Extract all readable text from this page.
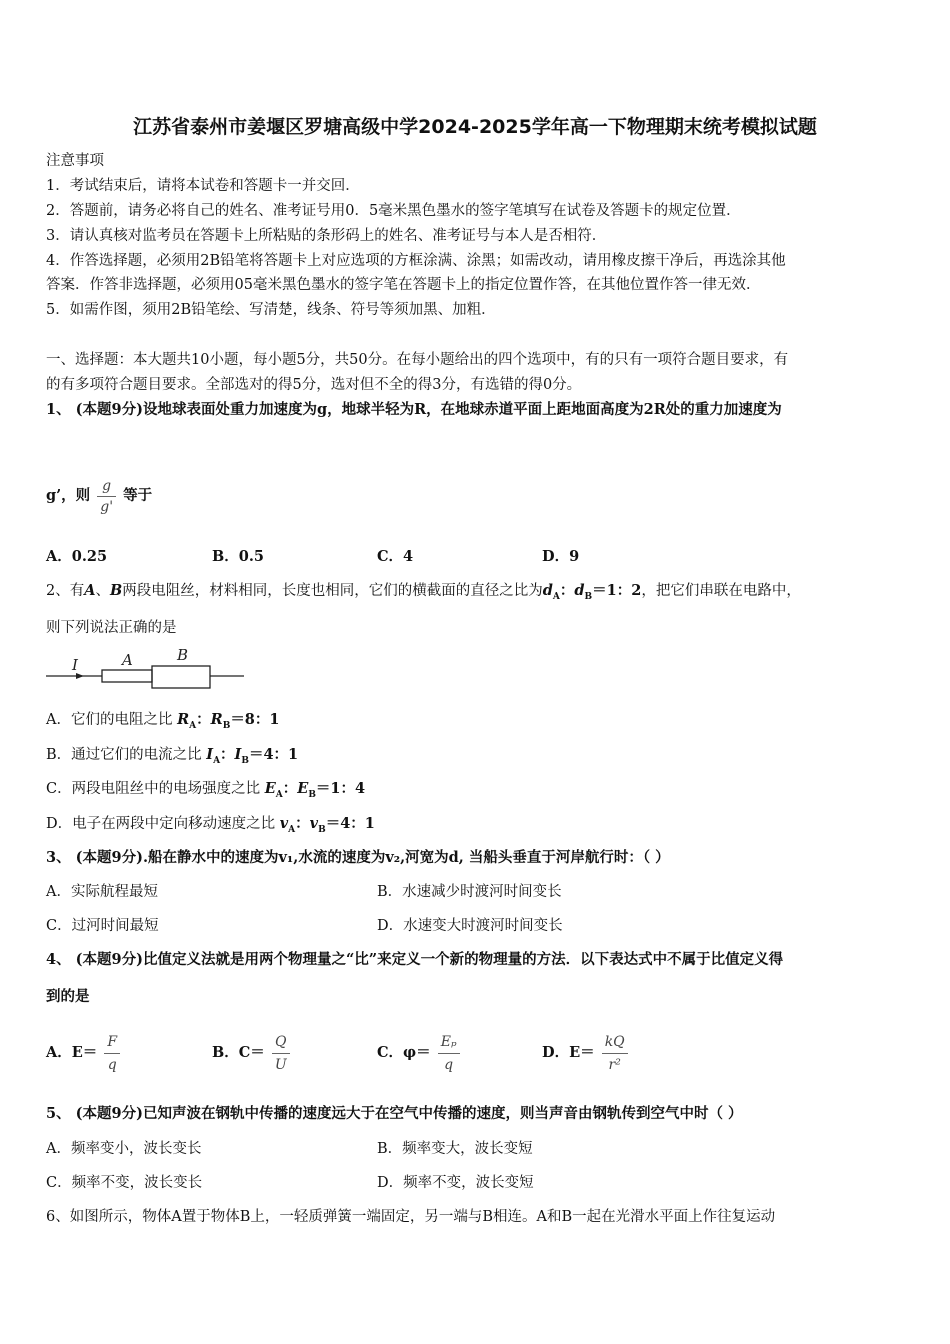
江苏省泰州市姜堰区罗塘高级中学2024-2025学年高一下物理期末统考模拟试题
注意事项
1．考试结束后，请将本试卷和答题卡一并交回．
2．答题前，请务必将自己的姓名、准考证号用0．5毫米黑色墨水的签字笔填写在试卷及答题卡的规定位置．
3．请认真核对监考员在答题卡上所粘贴的条形码上的姓名、准考证号与本人是否相符．
4．作答选择题，必须用2B铅笔将答题卡上对应选项的方框涂满、涂黑；如需改动，请用橡皮擦干净后，再选涂其他
答案．作答非选择题，必须用05毫米黑色墨水的签字笔在答题卡上的指定位置作答，在其他位置作答一律无效．
5．如需作图，须用2B铅笔绘、写清楚，线条、符号等须加黑、加粗．
一、选择题：本大题共10小题，每小题5分，共50分。在每小题给出的四个选项中，有的只有一项符合题目要求，有
的有多项符合题目要求。全部选对的得5分，选对但不全的得3分，有选错的得0分。
1、 (本题9分)设地球表面处重力加速度为g，地球半轻为R，在地球赤道平面上距地面高度为2R处的重力加速度为
g’，则 $\frac{g}{g'}$ 等于
A．0.25	B．0.5	C．4	D．9
2、有A、B两段电阻丝，材料相同，长度也相同，它们的横截面的直径之比为$d_A$：$d_B=1$：2，把它们串联在电路中，
则下列说法正确的是
I	A	B
A．它们的电阻之比 $R_A$：$R_B=8$：1
B．通过它们的电流之比 $I_A$：$I_B=4$：1
C．两段电阻丝中的电场强度之比 $E_A$：$E_B=1$：4
D．电子在两段中定向移动速度之比 $v_A$：$v_B=4$：1
3、 (本题9分).船在静水中的速度为v₁,水流的速度为v₂,河宽为d, 当船头垂直于河岸航行时：（ ）
A．实际航程最短	B．水速减少时渡河时间变长
C．过河时间最短	D．水速变大时渡河时间变长
4、 (本题9分)比值定义法就是用两个物理量之“比”来定义一个新的物理量的方法．以下表达式中不属于比值定义得
到的是
A．$E= \frac{F}{q}$	B．$C= \frac{Q}{U}$	C．$\varphi= \frac{\text{Eₚ}}{q}$	D．$E= \frac{kQ}{\text{r²}}$
5、 (本题9分)已知声波在钢轨中传播的速度远大于在空气中传播的速度，则当声音由钢轨传到空气中时（ ）
A．频率变小，波长变长	B．频率变大，波长变短
C．频率不变，波长变长	D．频率不变，波长变短
6、如图所示，物体A置于物体B上，一轻质弹簧一端固定，另一端与B相连。A和B一起在光滑水平面上作往复运动
